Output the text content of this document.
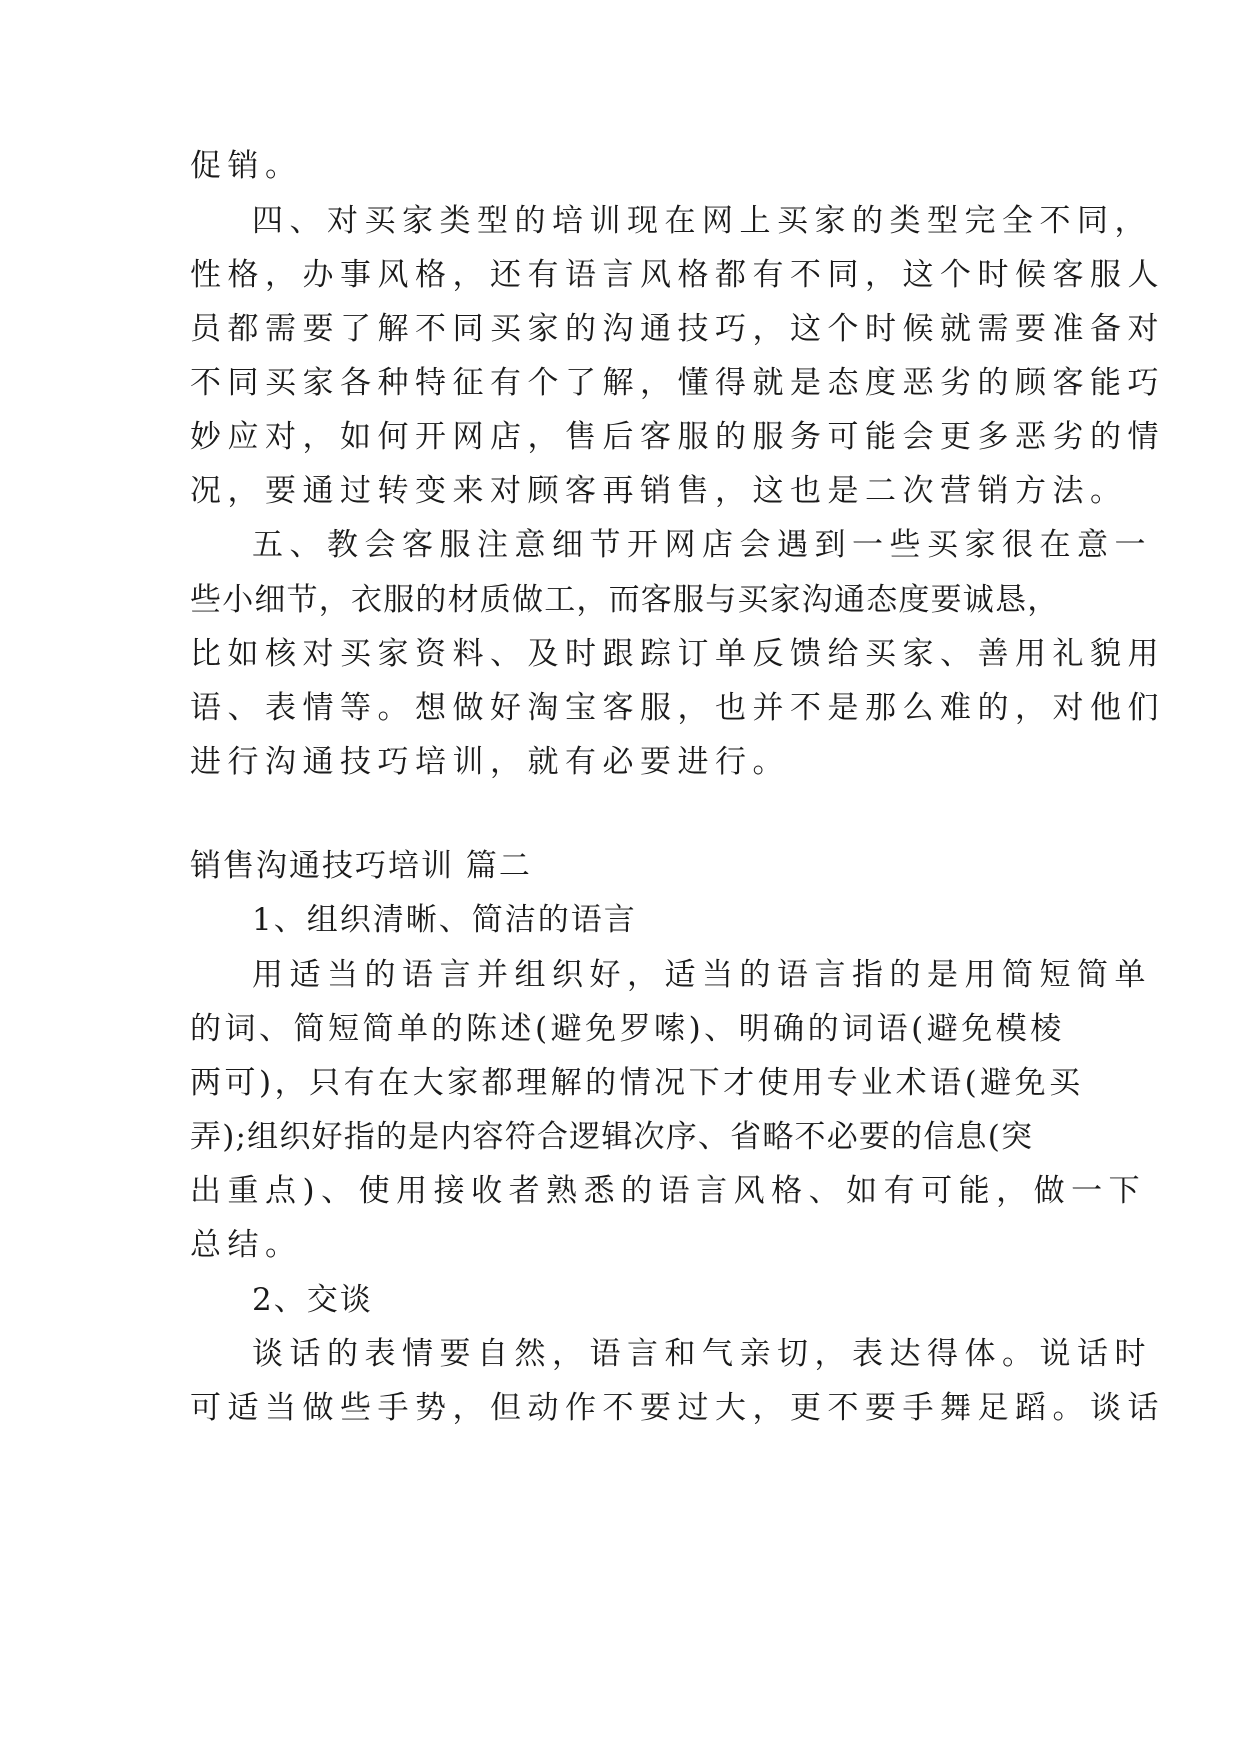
促销。
四、对买家类型的培训现在网上买家的类型完全不同，
性格，办事风格，还有语言风格都有不同，这个时候客服人
员都需要了解不同买家的沟通技巧，这个时候就需要准备对
不同买家各种特征有个了解，懂得就是态度恶劣的顾客能巧
妙应对，如何开网店，售后客服的服务可能会更多恶劣的情
况，要通过转变来对顾客再销售，这也是二次营销方法。
五、教会客服注意细节开网店会遇到一些买家很在意一
些小细节，衣服的材质做工，而客服与买家沟通态度要诚恳，
比如核对买家资料、及时跟踪订单反馈给买家、善用礼貌用
语、表情等。想做好淘宝客服，也并不是那么难的，对他们
进行沟通技巧培训，就有必要进行。
销售沟通技巧培训 篇二
1、组织清晰、简洁的语言
用适当的语言并组织好，适当的语言指的是用简短简单
的词、简短简单的陈述(避免罗嗦)、明确的词语(避免模棱
两可)，只有在大家都理解的情况下才使用专业术语(避免买
弄);组织好指的是内容符合逻辑次序、省略不必要的信息(突
出重点)、使用接收者熟悉的语言风格、如有可能，做一下
总结。
2、交谈
谈话的表情要自然，语言和气亲切，表达得体。说话时
可适当做些手势，但动作不要过大，更不要手舞足蹈。谈话
